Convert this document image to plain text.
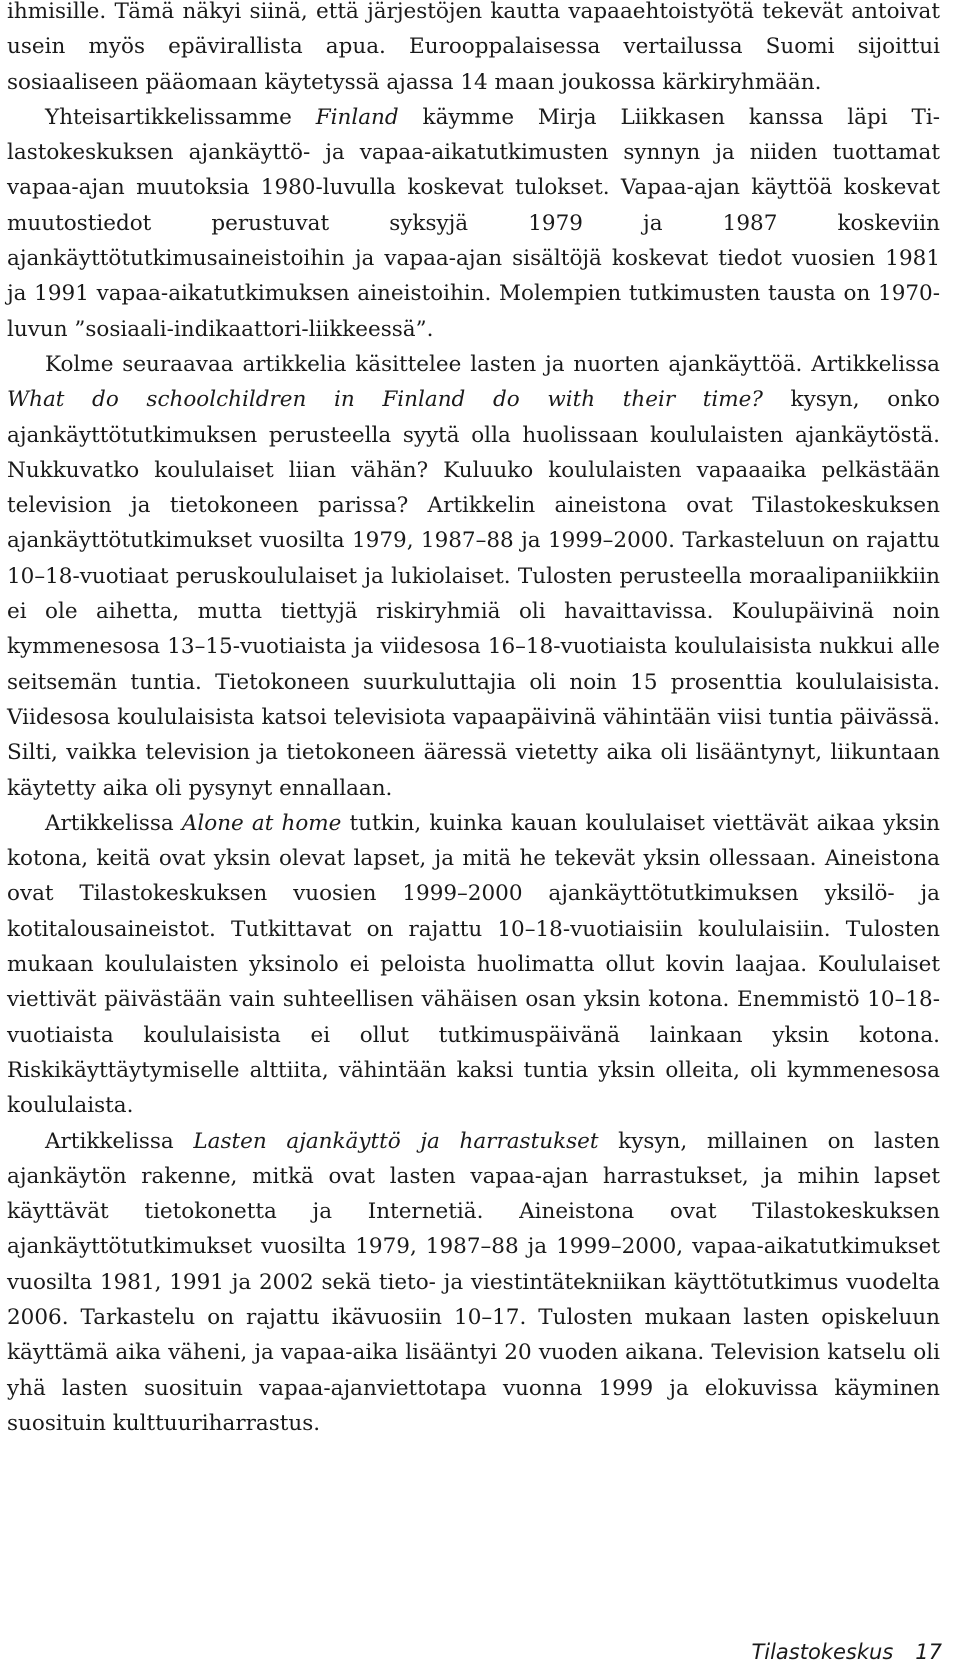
ihmisille. Tämä näkyi siinä, että järjestöjen kautta vapaaehtoistyötä tekevät antoivat usein myös epävirallista apua. Eurooppalaisessa vertailussa Suomi sijoittui sosiaaliseen pääomaan käytetyssä ajassa 14 maan joukossa kärkiryhmään.

Yhteisartikkelissamme Finland käymme Mirja Liikkasen kanssa läpi Tilastokeskuksen ajankäyttö- ja vapaa-aikatutkimusten synnyn ja niiden tuottamat vapaa-ajan muutoksia 1980-luvulla koskevat tulokset. Vapaa-ajan käyttöä koskevat muutostiedot perustuvat syksyjä 1979 ja 1987 koskeviin ajankäyttötutkimusaineistoihin ja vapaa-ajan sisältöjä koskevat tiedot vuosien 1981 ja 1991 vapaa-aikatutkimuksen aineistoihin. Molempien tutkimusten tausta on 1970-luvun ”sosiaali-indikaattori-liikkeessä”.

Kolme seuraavaa artikkelia käsittelee lasten ja nuorten ajankäyttöä. Artikkelissa What do schoolchildren in Finland do with their time? kysyn, onko ajankäyttötutkimuksen perusteella syytä olla huolissaan koululaisten ajankäytöstä. Nukkuvatko koululaiset liian vähän? Kuluuko koululaisten vapaaaika pelkästään television ja tietokoneen parissa? Artikkelin aineistona ovat Tilastokeskuksen ajankäyttötutkimukset vuosilta 1979, 1987–88 ja 1999–2000. Tarkasteluun on rajattu 10–18-vuotiaat peruskoululaiset ja lukiolaiset. Tulosten perusteella moraalipaniikkiin ei ole aihetta, mutta tiettyjä riskiryhmiä oli havaittavissa. Koulupäivinä noin kymmenesosa 13–15-vuotiaista ja viidesosa 16–18-vuotiaista koululaisista nukkui alle seitsemän tuntia. Tietokoneen suurkuluttajia oli noin 15 prosenttia koululaisista. Viidesosa koululaisista katsoi televisiota vapaapäivinä vähintään viisi tuntia päivässä. Silti, vaikka television ja tietokoneen ääressä vietetty aika oli lisääntynyt, liikuntaan käytetty aika oli pysynyt ennallaan.

Artikkelissa Alone at home tutkin, kuinka kauan koululaiset viettävät aikaa yksin kotona, keitä ovat yksin olevat lapset, ja mitä he tekevät yksin ollessaan. Aineistona ovat Tilastokeskuksen vuosien 1999–2000 ajankäyttötutkimuksen yksilö- ja kotitalousaineistot. Tutkittavat on rajattu 10–18-vuotiaisiin koululaisiin. Tulosten mukaan koululaisten yksinolo ei peloista huolimatta ollut kovin laajaa. Koululaiset viettivät päivästään vain suhteellisen vähäisen osan yksin kotona. Enemmistö 10–18-vuotiaista koululaisista ei ollut tutkimuspäivänä lainkaan yksin kotona. Riskikäyttäytymiselle alttiita, vähintään kaksi tuntia yksin olleita, oli kymmenesosa koululaista.

Artikkelissa Lasten ajankäyttö ja harrastukset kysyn, millainen on lasten ajankäytön rakenne, mitkä ovat lasten vapaa-ajan harrastukset, ja mihin lapset käyttävät tietokonetta ja Internetiä. Aineistona ovat Tilastokeskuksen ajankäyttötutkimukset vuosilta 1979, 1987–88 ja 1999–2000, vapaa-aikatutkimukset vuosilta 1981, 1991 ja 2002 sekä tieto- ja viestintätekniikan käyttötutkimus vuodelta 2006. Tarkastelu on rajattu ikävuosiin 10–17. Tulosten mukaan lasten opiskeluun käyttämä aika väheni, ja vapaa-aika lisääntyi 20 vuoden aikana. Television katselu oli yhä lasten suosituin vapaa-ajanviettotapa vuonna 1999 ja elokuvissa käyminen suosituin kulttuuriharrastus.

Tilastokeskus 17
